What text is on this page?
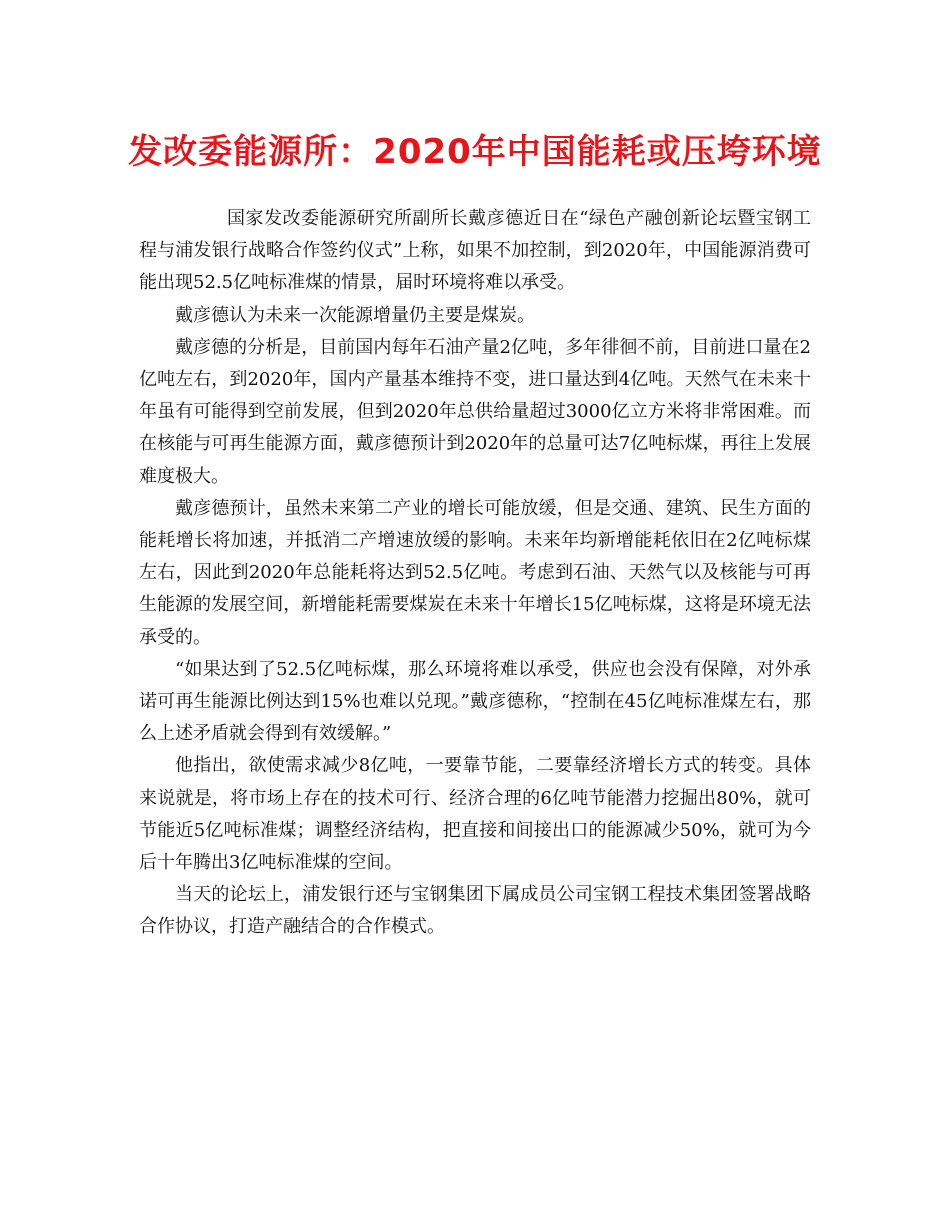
发改委能源所：2020年中国能耗或压垮环境

国家发改委能源研究所副所长戴彦德近日在“绿色产融创新论坛暨宝钢工程与浦发银行战略合作签约仪式”上称，如果不加控制，到2020年，中国能源消费可能出现52.5亿吨标准煤的情景，届时环境将难以承受。

戴彦德认为未来一次能源增量仍主要是煤炭。

戴彦德的分析是，目前国内每年石油产量2亿吨，多年徘徊不前，目前进口量在2亿吨左右，到2020年，国内产量基本维持不变，进口量达到4亿吨。天然气在未来十年虽有可能得到空前发展，但到2020年总供给量超过3000亿立方米将非常困难。而在核能与可再生能源方面，戴彦德预计到2020年的总量可达7亿吨标煤，再往上发展难度极大。

戴彦德预计，虽然未来第二产业的增长可能放缓，但是交通、建筑、民生方面的能耗增长将加速，并抵消二产增速放缓的影响。未来年均新增能耗依旧在2亿吨标煤左右，因此到2020年总能耗将达到52.5亿吨。考虑到石油、天然气以及核能与可再生能源的发展空间，新增能耗需要煤炭在未来十年增长15亿吨标煤，这将是环境无法承受的。

“如果达到了52.5亿吨标煤，那么环境将难以承受，供应也会没有保障，对外承诺可再生能源比例达到15%也难以兑现。”戴彦德称，“控制在45亿吨标准煤左右，那么上述矛盾就会得到有效缓解。”

他指出，欲使需求减少8亿吨，一要靠节能，二要靠经济增长方式的转变。具体来说就是，将市场上存在的技术可行、经济合理的6亿吨节能潜力挖掘出80%，就可节能近5亿吨标准煤；调整经济结构，把直接和间接出口的能源减少50%，就可为今后十年腾出3亿吨标准煤的空间。

当天的论坛上，浦发银行还与宝钢集团下属成员公司宝钢工程技术集团签署战略合作协议，打造产融结合的合作模式。
